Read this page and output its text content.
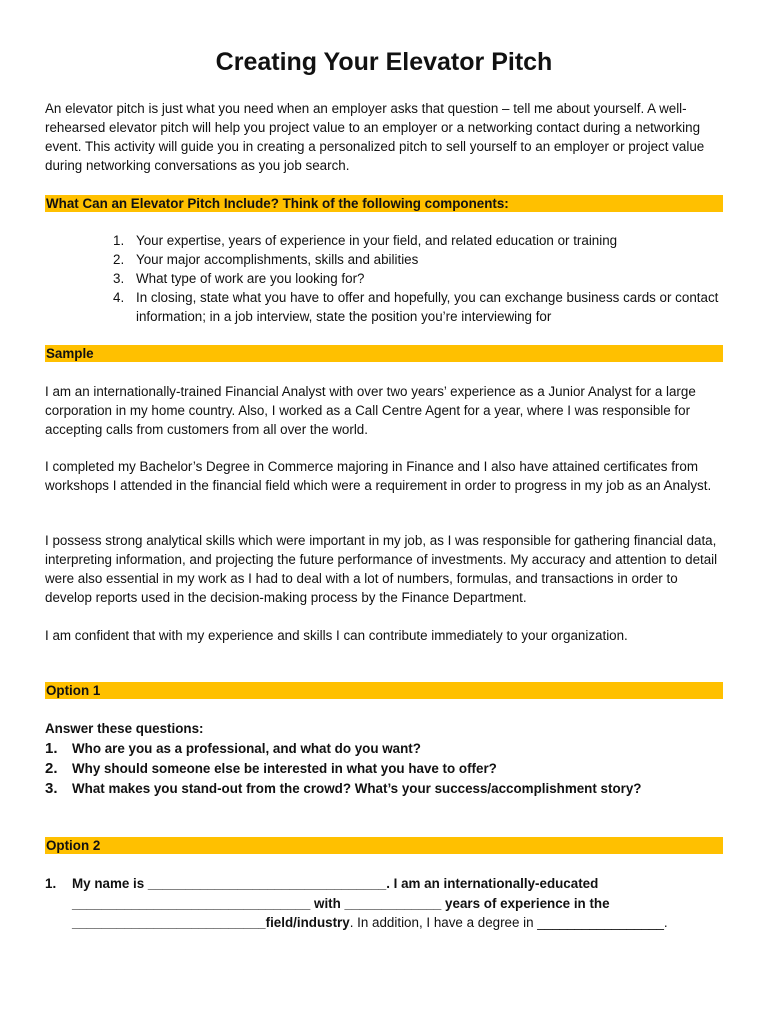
Creating Your Elevator Pitch

An elevator pitch is just what you need when an employer asks that question – tell me about yourself. A well-rehearsed elevator pitch will help you project value to an employer or a networking contact during a networking event. This activity will guide you in creating a personalized pitch to sell yourself to an employer or project value during networking conversations as you job search.

What Can an Elevator Pitch Include? Think of the following components:
1. Your expertise, years of experience in your field, and related education or training
2. Your major accomplishments, skills and abilities
3. What type of work are you looking for?
4. In closing, state what you have to offer and hopefully, you can exchange business cards or contact information; in a job interview, state the position you’re interviewing for
Sample

I am an internationally-trained Financial Analyst with over two years’ experience as a Junior Analyst for a large corporation in my home country. Also, I worked as a Call Centre Agent for a year, where I was responsible for accepting calls from customers from all over the world.

I completed my Bachelor’s Degree in Commerce majoring in Finance and I also have attained certificates from workshops I attended in the financial field which were a requirement in order to progress in my job as an Analyst.

I possess strong analytical skills which were important in my job, as I was responsible for gathering financial data, interpreting information, and projecting the future performance of investments. My accuracy and attention to detail were also essential in my work as I had to deal with a lot of numbers, formulas, and transactions in order to develop reports used in the decision-making process by the Finance Department.

I am confident that with my experience and skills I can contribute immediately to your organization.

Option 1
Answer these questions:
1. Who are you as a professional, and what do you want?
2. Why should someone else be interested in what you have to offer?
3. What makes you stand-out from the crowd? What’s your success/accomplishment story?
Option 2
1. My name is ________________________________. I am an internationally-educated
________________________________ with _____________ years of experience in the
__________________________field/industry. In addition, I have a degree in _________________.
